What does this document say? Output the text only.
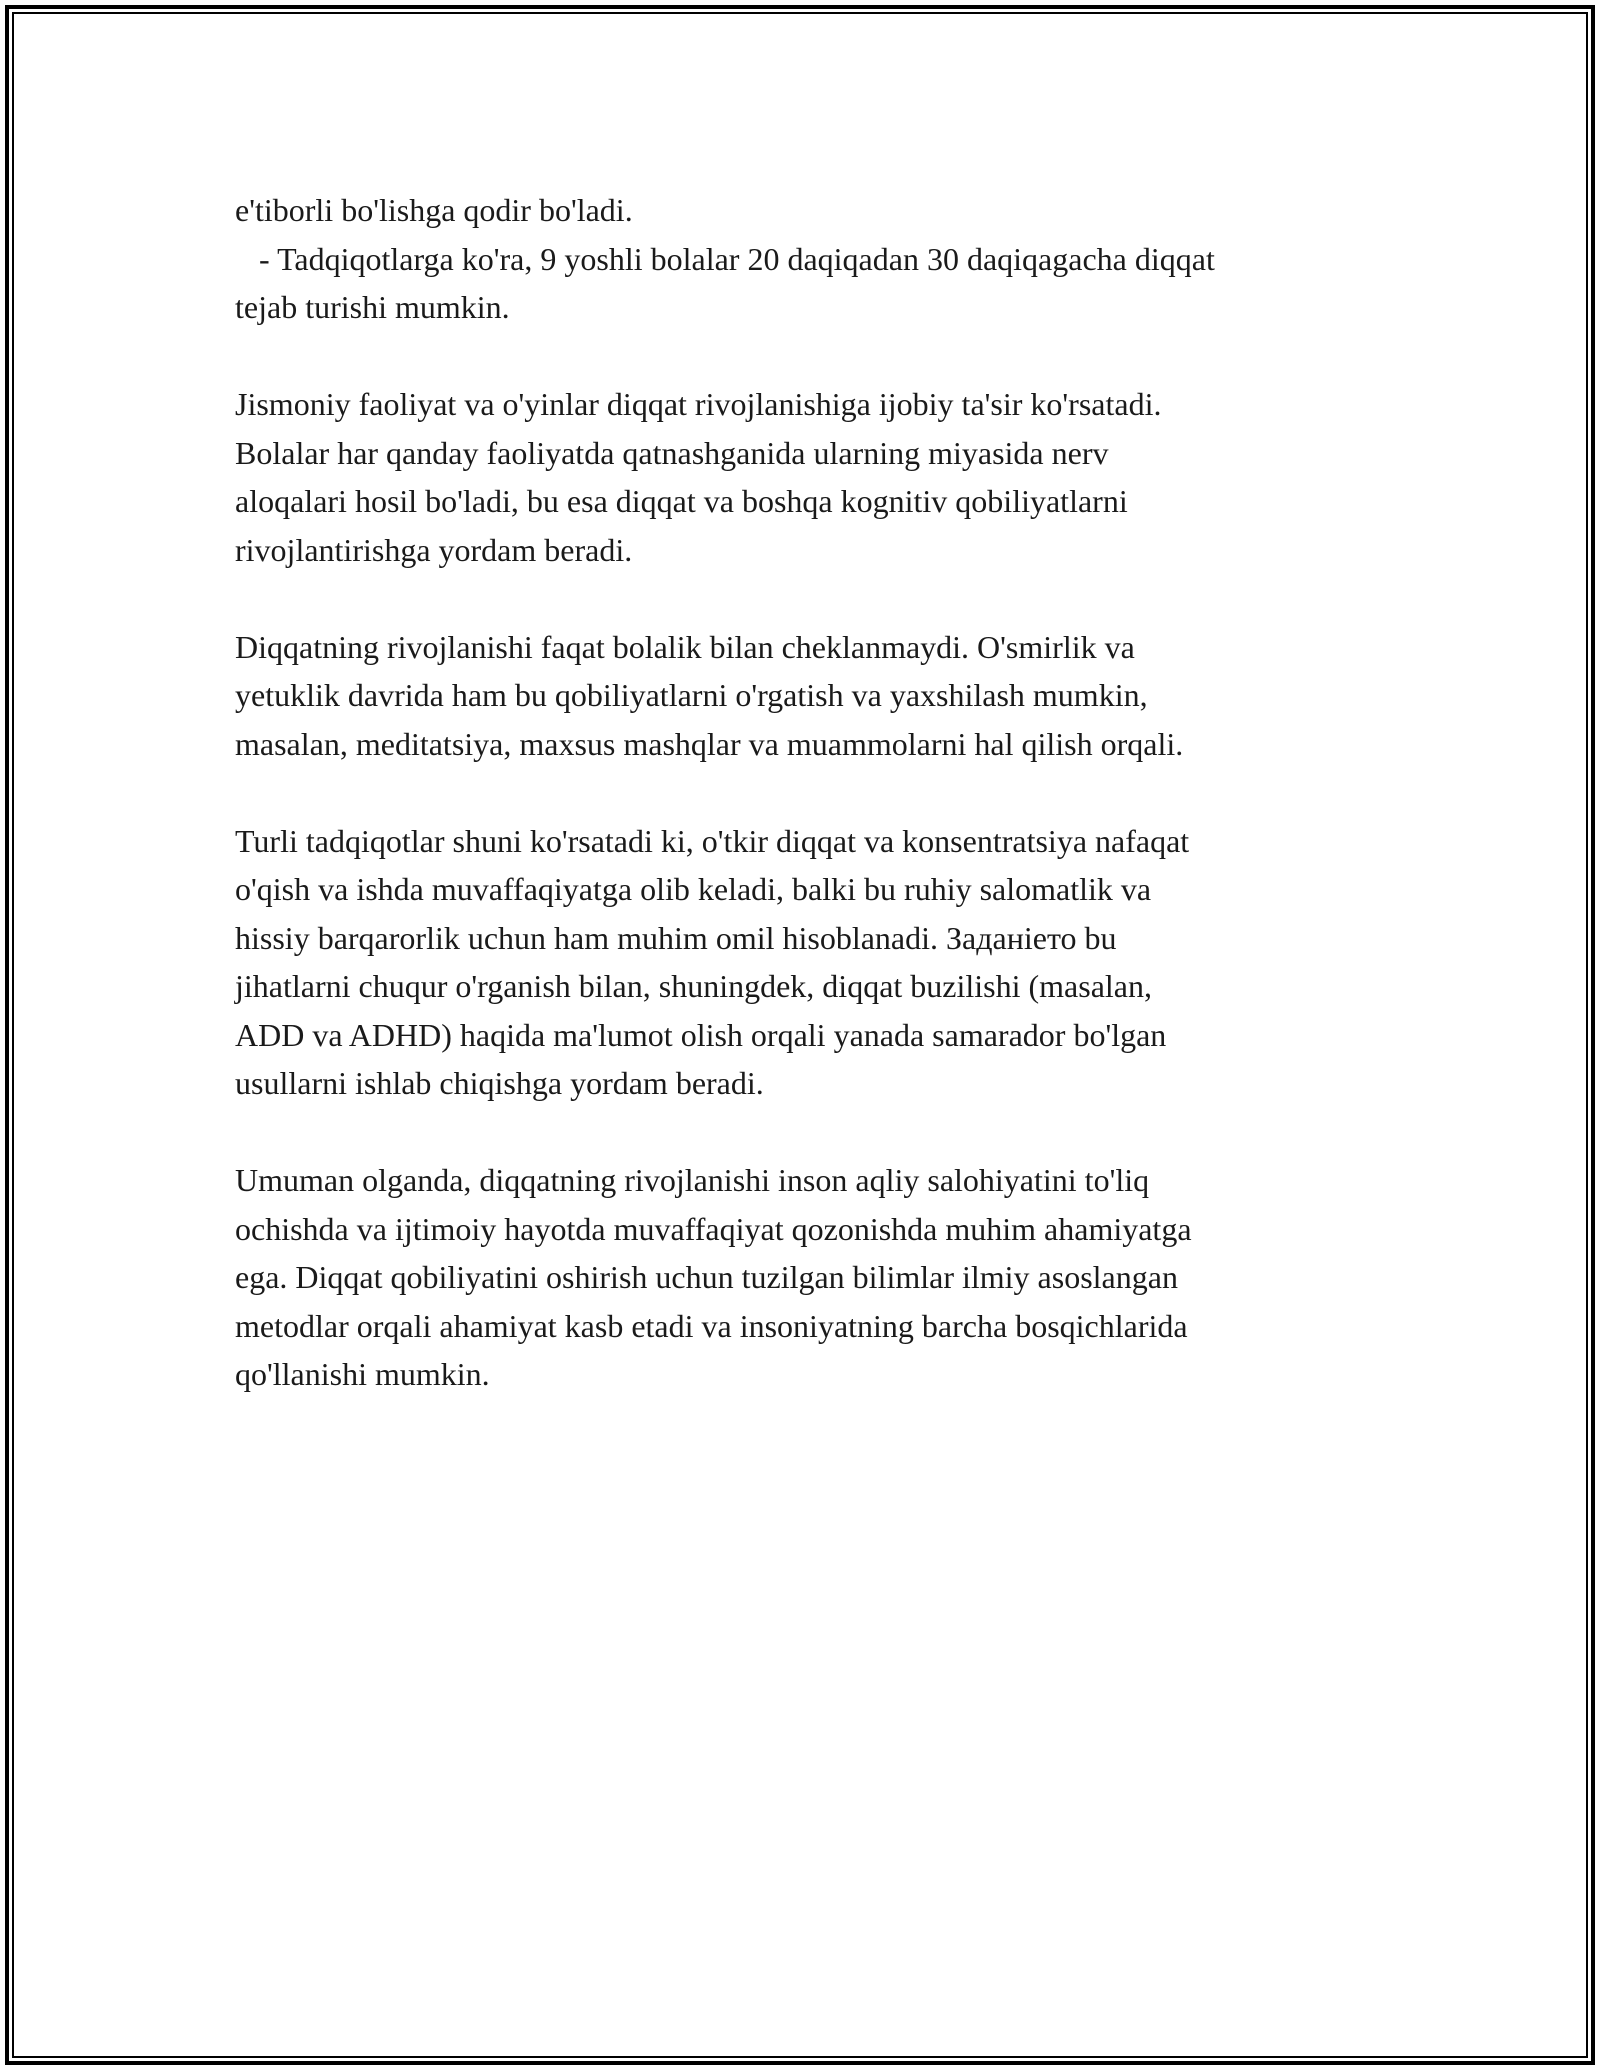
e'tiborli bo'lishga qodir bo'ladi.
- Tadqiqotlarga ko'ra, 9 yoshli bolalar 20 daqiqadan 30 daqiqagacha diqqat
tejab turishi mumkin.
Jismoniy faoliyat va o'yinlar diqqat rivojlanishiga ijobiy ta'sir ko'rsatadi.
Bolalar har qanday faoliyatda qatnashganida ularning miyasida nerv
aloqalari hosil bo'ladi, bu esa diqqat va boshqa kognitiv qobiliyatlarni
rivojlantirishga yordam beradi.
Diqqatning rivojlanishi faqat bolalik bilan cheklanmaydi. O'smirlik va
yetuklik davrida ham bu qobiliyatlarni o'rgatish va yaxshilash mumkin,
masalan, meditatsiya, maxsus mashqlar va muammolarni hal qilish orqali.
Turli tadqiqotlar shuni ko'rsatadi ki, o'tkir diqqat va konsentratsiya nafaqat
o'qish va ishda muvaffaqiyatga olib keladi, balki bu ruhiy salomatlik va
hissiy barqarorlik uchun ham muhim omil hisoblanadi. Заданіето bu
jihatlarni chuqur o'rganish bilan, shuningdek, diqqat buzilishi (masalan,
ADD va ADHD) haqida ma'lumot olish orqali yanada samarador bo'lgan
usullarni ishlab chiqishga yordam beradi.
Umuman olganda, diqqatning rivojlanishi inson aqliy salohiyatini to'liq
ochishda va ijtimoiy hayotda muvaffaqiyat qozonishda muhim ahamiyatga
ega. Diqqat qobiliyatini oshirish uchun tuzilgan bilimlar ilmiy asoslangan
metodlar orqali ahamiyat kasb etadi va insoniyatning barcha bosqichlarida
qo'llanishi mumkin.
